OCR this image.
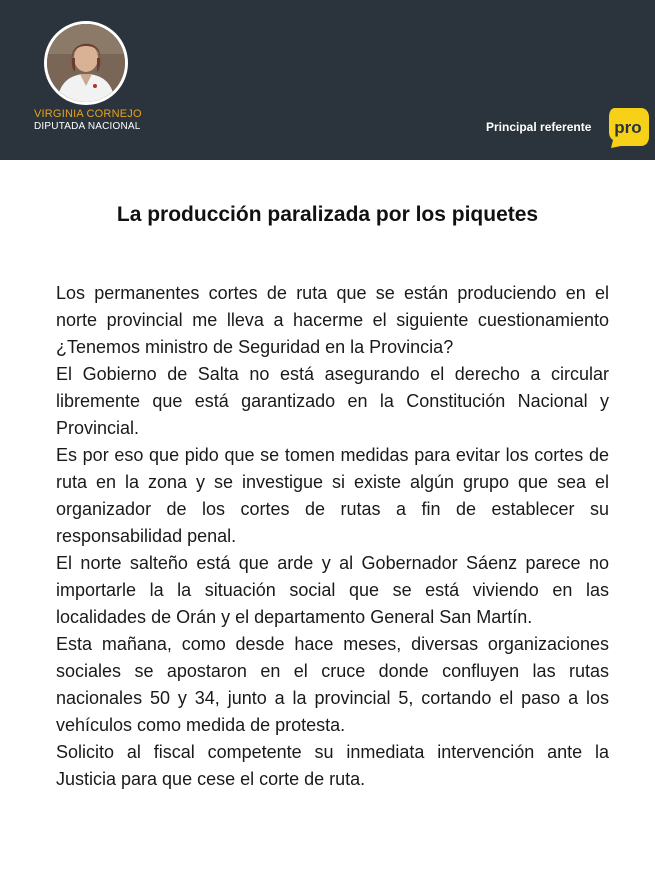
VIRGINIA CORNEJO
DIPUTADA NACIONAL	Principal referente pro
La producción paralizada por los piquetes

Los permanentes cortes de ruta que se están produciendo en el norte provincial me lleva a hacerme el siguiente cuestionamiento ¿Tenemos ministro de Seguridad en la Provincia?

El Gobierno de Salta no está asegurando el derecho a circular libremente que está garantizado en la Constitución Nacional y Provincial.

Es por eso que pido que se tomen medidas para evitar los cortes de ruta en la zona y se investigue si existe algún grupo que sea el organizador de los cortes de rutas a fin de establecer su responsabilidad penal.

El norte salteño está que arde y al Gobernador Sáenz parece no importarle la la situación social que se está viviendo en las localidades de Orán y el departamento General San Martín.

Esta mañana, como desde hace meses, diversas organizaciones sociales se apostaron en el cruce donde confluyen las rutas nacionales 50 y 34, junto a la provincial 5, cortando el paso a los vehículos como medida de protesta.

Solicito al fiscal competente su inmediata intervención ante la Justicia para que cese el corte de ruta.
